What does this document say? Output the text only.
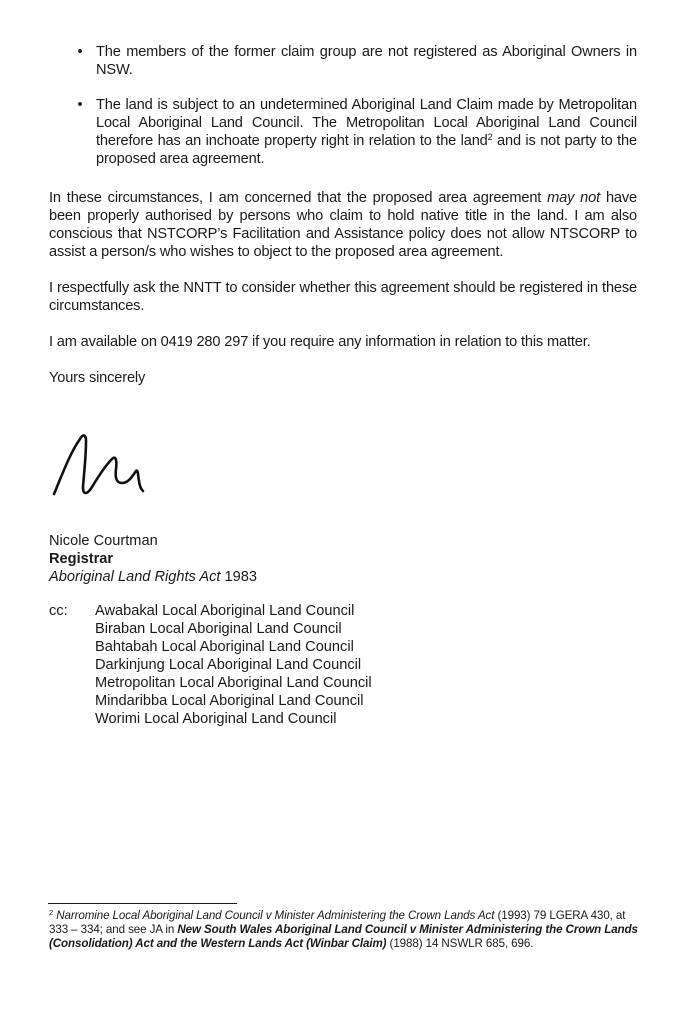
• The members of the former claim group are not registered as Aboriginal Owners in NSW.
• The land is subject to an undetermined Aboriginal Land Claim made by Metropolitan Local Aboriginal Land Council. The Metropolitan Local Aboriginal Land Council therefore has an inchoate property right in relation to the land$^2$ and is not party to the proposed area agreement.

In these circumstances, I am concerned that the proposed area agreement may not have been properly authorised by persons who claim to hold native title in the land. I am also conscious that NSTCORP’s Facilitation and Assistance policy does not allow NTSCORP to assist a person/s who wishes to object to the proposed area agreement.

I respectfully ask the NNTT to consider whether this agreement should be registered in these circumstances.

I am available on 0419 280 297 if you require any information in relation to this matter.

Yours sincerely

Nicole Courtman
Registrar
Aboriginal Land Rights Act 1983
cc: Awabakal Local Aboriginal Land Council
Biraban Local Aboriginal Land Council
Bahtabah Local Aboriginal Land Council
Darkinjung Local Aboriginal Land Council
Metropolitan Local Aboriginal Land Council
Mindaribba Local Aboriginal Land Council
Worimi Local Aboriginal Land Council

$^2$ Narromine Local Aboriginal Land Council v Minister Administering the Crown Lands Act (1993) 79 LGERA 430, at 333 – 334; and see JA in New South Wales Aboriginal Land Council v Minister Administering the Crown Lands (Consolidation) Act and the Western Lands Act (Winbar Claim) (1988) 14 NSWLR 685, 696.
